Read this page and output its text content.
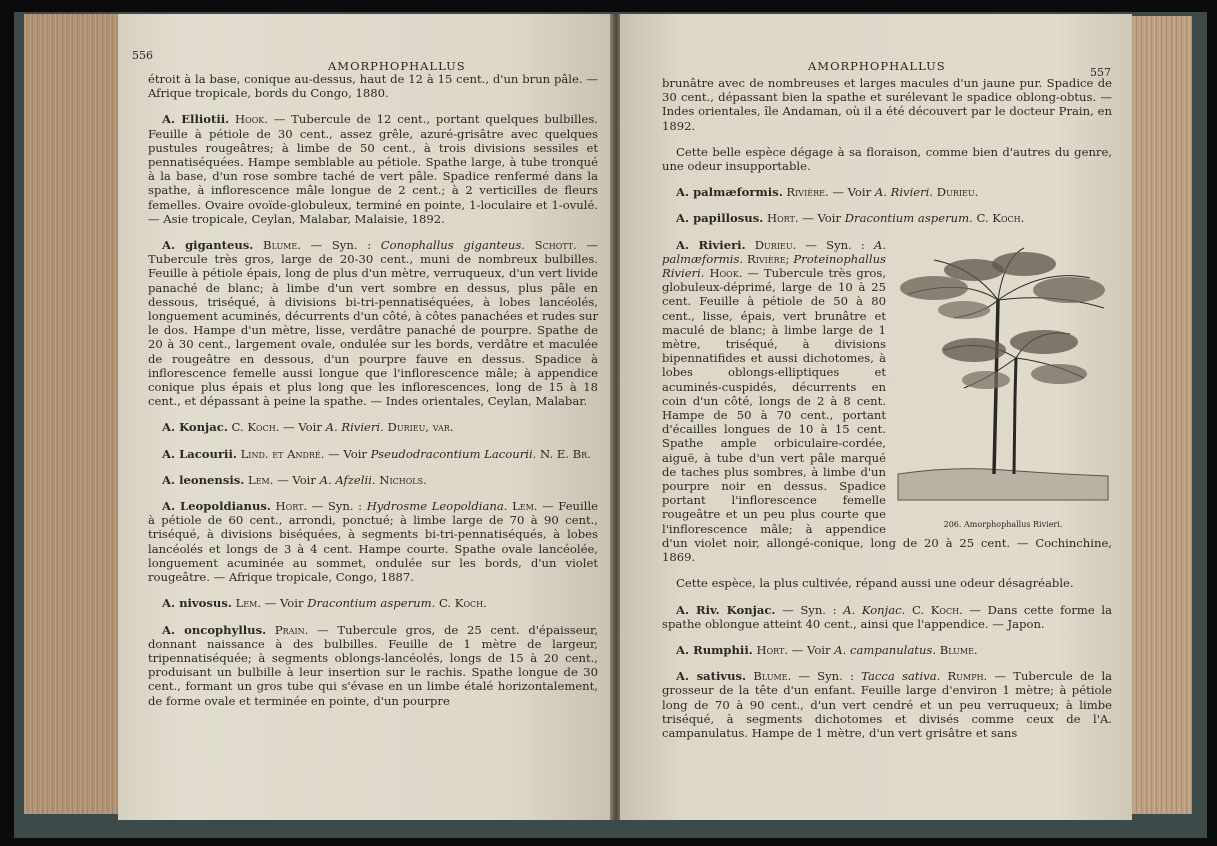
556
AMORPHOPHALLUS

étroit à la base, conique au-dessus, haut de 12 à 15 cent., d'un brun pâle. — Afrique tropicale, bords du Congo, 1880.

A. Elliotii. Hook. — Tubercule de 12 cent., portant quelques bulbilles. Feuille à pétiole de 30 cent., assez grêle, azuré-grisâtre avec quelques pustules rougeâtres; à limbe de 50 cent., à trois divisions sessiles et pennatiséquées. Hampe semblable au pétiole. Spathe large, à tube tronqué à la base, d'un rose sombre taché de vert pâle. Spadice renfermé dans la spathe, à inflorescence mâle longue de 2 cent.; à 2 verticilles de fleurs femelles. Ovaire ovoïde-globuleux, terminé en pointe, 1-loculaire et 1-ovulé. — Asie tropicale, Ceylan, Malabar, Malaisie, 1892.

A. giganteus. Blume. — Syn. : Conophallus giganteus. Schott. — Tubercule très gros, large de 20-30 cent., muni de nombreux bulbilles. Feuille à pétiole épais, long de plus d'un mètre, verruqueux, d'un vert livide panaché de blanc; à limbe d'un vert sombre en dessus, plus pâle en dessous, triséqué, à divisions bi-tri-pennatiséquées, à lobes lancéolés, longuement acuminés, décurrents d'un côté, à côtes panachées et rudes sur le dos. Hampe d'un mètre, lisse, verdâtre panaché de pourpre. Spathe de 20 à 30 cent., largement ovale, ondulée sur les bords, verdâtre et maculée de rougeâtre en dessous, d'un pourpre fauve en dessus. Spadice à inflorescence femelle aussi longue que l'inflorescence mâle; à appendice conique plus épais et plus long que les inflorescences, long de 15 à 18 cent., et dépassant à peine la spathe. — Indes orientales, Ceylan, Malabar.

A. Konjac. C. Koch. — Voir A. Rivieri. Durieu, var.

A. Lacourii. Lind. et André. — Voir Pseudodracontium Lacourii. N. E. Br.

A. leonensis. Lem. — Voir A. Afzelii. Nichols.

A. Leopoldianus. Hort. — Syn. : Hydrosme Leopoldiana. Lem. — Feuille à pétiole de 60 cent., arrondi, ponctué; à limbe large de 70 à 90 cent., triséqué, à divisions biséquées, à segments bi-tri-pennatiséqués, à lobes lancéolés et longs de 3 à 4 cent. Hampe courte. Spathe ovale lancéolée, longuement acuminée au sommet, ondulée sur les bords, d'un violet rougeâtre. — Afrique tropicale, Congo, 1887.

A. nivosus. Lem. — Voir Dracontium asperum. C. Koch.

A. oncophyllus. Prain. — Tubercule gros, de 25 cent. d'épaisseur, donnant naissance à des bulbilles. Feuille de 1 mètre de largeur, tripennatiséquée; à segments oblongs-lancéolés, longs de 15 à 20 cent., produisant un bulbille à leur insertion sur le rachis. Spathe longue de 30 cent., formant un gros tube qui s'évase en un limbe étalé horizontalement, de forme ovale et terminée en pointe, d'un pourpre

AMORPHOPHALLUS	557

brunâtre avec de nombreuses et larges macules d'un jaune pur. Spadice de 30 cent., dépassant bien la spathe et surélevant le spadice oblong-obtus. — Indes orientales, île Andaman, où il a été découvert par le docteur Prain, en 1892.

Cette belle espèce dégage à sa floraison, comme bien d'autres du genre, une odeur insupportable.

A. palmæformis. Rivière. — Voir A. Rivieri. Durieu.

A. papillosus. Hort. — Voir Dracontium asperum. C. Koch.

206. Amorphophallus Rivieri.

A. Rivieri. Durieu. — Syn. : A. palmæformis. Rivière; Proteinophallus Rivieri. Hook. — Tubercule très gros, globuleux-déprimé, large de 10 à 25 cent. Feuille à pétiole de 50 à 80 cent., lisse, épais, vert brunâtre et maculé de blanc; à limbe large de 1 mètre, triséqué, à divisions bipennatifides et aussi dichotomes, à lobes oblongs-elliptiques et acuminés-cuspidés, décurrents en coin d'un côté, longs de 2 à 8 cent. Hampe de 50 à 70 cent., portant d'écailles longues de 10 à 15 cent. Spathe ample orbiculaire-cordée, aiguë, à tube d'un vert pâle marqué de taches plus sombres, à limbe d'un pourpre noir en dessus. Spadice portant l'inflorescence femelle rougeâtre et un peu plus courte que l'inflorescence mâle; à appendice d'un violet noir, allongé-conique, long de 20 à 25 cent. — Cochinchine, 1869.

Cette espèce, la plus cultivée, répand aussi une odeur désagréable.

A. Riv. Konjac. — Syn. : A. Konjac. C. Koch. — Dans cette forme la spathe oblongue atteint 40 cent., ainsi que l'appendice. — Japon.

A. Rumphii. Hort. — Voir A. campanulatus. Blume.

A. sativus. Blume. — Syn. : Tacca sativa. Rumph. — Tubercule de la grosseur de la tête d'un enfant. Feuille large d'environ 1 mètre; à pétiole long de 70 à 90 cent., d'un vert cendré et un peu verruqueux; à limbe triséqué, à segments dichotomes et divisés comme ceux de l'A. campanulatus. Hampe de 1 mètre, d'un vert grisâtre et sans
